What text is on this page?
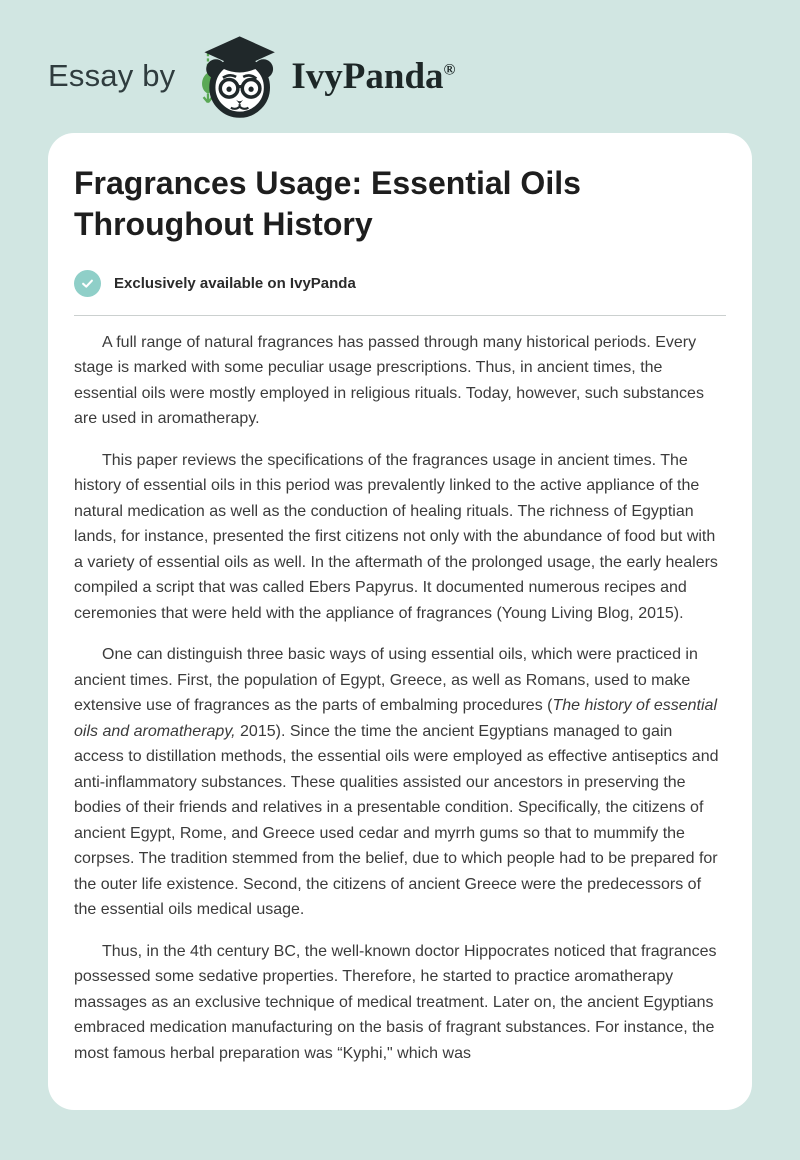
Essay by	IvyPanda®
Fragrances Usage: Essential Oils Throughout History
Exclusively available on IvyPanda

A full range of natural fragrances has passed through many historical periods. Every stage is marked with some peculiar usage prescriptions. Thus, in ancient times, the essential oils were mostly employed in religious rituals. Today, however, such substances are used in aromatherapy.

This paper reviews the specifications of the fragrances usage in ancient times. The history of essential oils in this period was prevalently linked to the active appliance of the natural medication as well as the conduction of healing rituals. The richness of Egyptian lands, for instance, presented the first citizens not only with the abundance of food but with a variety of essential oils as well. In the aftermath of the prolonged usage, the early healers compiled a script that was called Ebers Papyrus. It documented numerous recipes and ceremonies that were held with the appliance of fragrances (Young Living Blog, 2015).

One can distinguish three basic ways of using essential oils, which were practiced in ancient times. First, the population of Egypt, Greece, as well as Romans, used to make extensive use of fragrances as the parts of embalming procedures (The history of essential oils and aromatherapy, 2015). Since the time the ancient Egyptians managed to gain access to distillation methods, the essential oils were employed as effective antiseptics and anti-inflammatory substances. These qualities assisted our ancestors in preserving the bodies of their friends and relatives in a presentable condition. Specifically, the citizens of ancient Egypt, Rome, and Greece used cedar and myrrh gums so that to mummify the corpses. The tradition stemmed from the belief, due to which people had to be prepared for the outer life existence. Second, the citizens of ancient Greece were the predecessors of the essential oils medical usage.

Thus, in the 4th century BC, the well-known doctor Hippocrates noticed that fragrances possessed some sedative properties. Therefore, he started to practice aromatherapy massages as an exclusive technique of medical treatment. Later on, the ancient Egyptians embraced medication manufacturing on the basis of fragrant substances. For instance, the most famous herbal preparation was “Kyphi," which was
